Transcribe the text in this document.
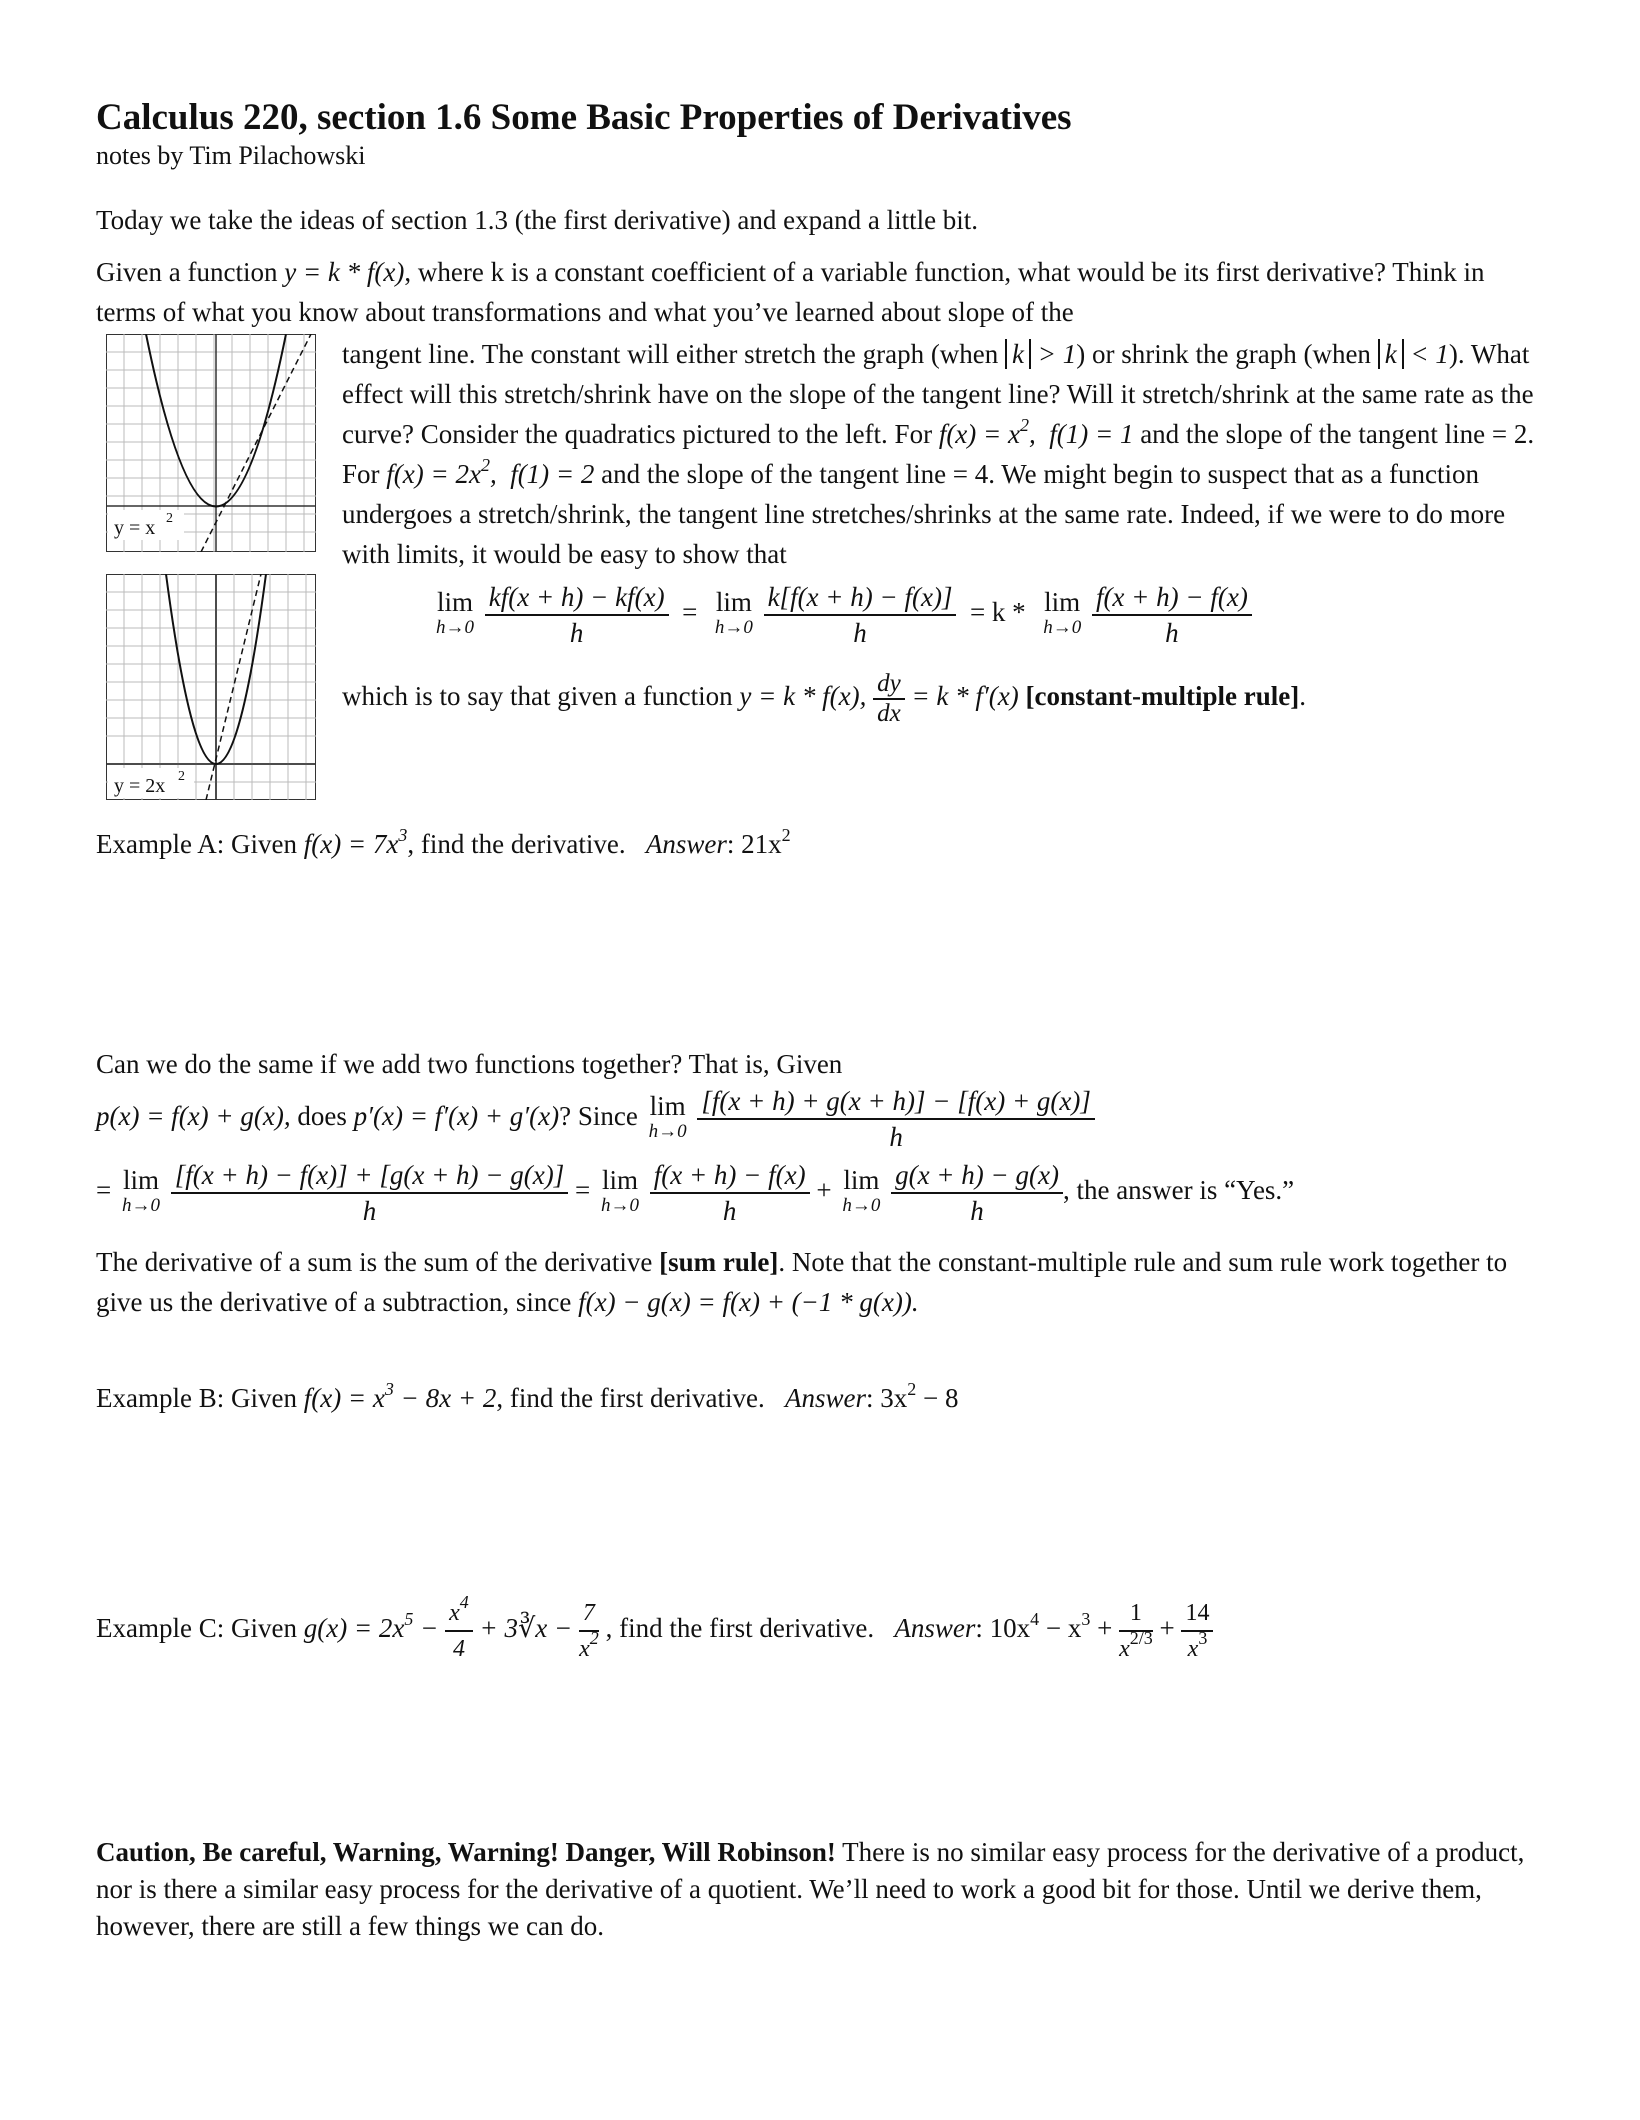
Calculus 220, section 1.6 Some Basic Properties of Derivatives
notes by Tim Pilachowski
Today we take the ideas of section 1.3 (the first derivative) and expand a little bit.
Given a function y = k * f(x), where k is a constant coefficient of a variable function, what would be its first derivative? Think in terms of what you know about transformations and what you’ve learned about slope of the
y = x 2
y = 2x 2
tangent line. The constant will either stretch the graph (when k > 1) or shrink the graph (when k < 1). What effect will this stretch/shrink have on the slope of the tangent line? Will it stretch/shrink at the same rate as the curve? Consider the quadratics pictured to the left. For $f(x) = x^2$,  f(1) = 1 and the slope of the tangent line = 2. For $f(x) = 2x^2$,  f(1) = 2 and the slope of the tangent line = 4. We might begin to suspect that as a function undergoes a stretch/shrink, the tangent line stretches/shrinks at the same rate. Indeed, if we were to do more with limits, it would be easy to show that
lim
h→0
$\frac{kf(x + h) - kf(x)}{h} = \lim$
h→0
$\frac{k[f(x + h) - f(x)]}{h} = k * \lim$
h→0
$\frac{f(x + h) - f(x)}{h}$
which is to say that given a function y = k * f(x), $\frac{dy}{dx} = k * f'(x)$ [constant-multiple rule].
Example A: Given $f(x) = 7x^3$, find the derivative. Answer: $21x^2$
Can we do the same if we add two functions together? That is, Given
p(x) = f(x) + g(x), does p′(x) = f′(x) + g′(x)? Since lim
h→0
$\frac{[f(x + h) + g(x + h)] - [f(x) + g(x)]}{h}$
= lim
h→0
$\frac{[f(x + h) - f(x)] + [g(x + h) - g(x)]}{h} = \lim$
h→0
$\frac{f(x + h) - f(x)}{h} + \lim$
h→0
$\frac{g(x + h) - g(x)}{h}$ , the answer is “Yes.”
The derivative of a sum is the sum of the derivative [sum rule]. Note that the constant-multiple rule and sum rule work together to give us the derivative of a subtraction, since f(x) − g(x) = f(x) + (−1 * g(x)).
Example B: Given $f(x) = x^3 - 8x + 2$, find the first derivative. Answer: $3x^2 - 8$
Example C: Given $g(x) = 2x^5 - \frac{x^4}{4}$ + 3∛x − $\frac{7}{x^2}$ , find the first derivative. Answer: $10x^4 - x^3 + \frac{1}{x^{2/3}} + \frac{14}{x^3}$
Caution, Be careful, Warning, Warning! Danger, Will Robinson! There is no similar easy process for the derivative of a product, nor is there a similar easy process for the derivative of a quotient. We’ll need to work a good bit for those. Until we derive them, however, there are still a few things we can do.
